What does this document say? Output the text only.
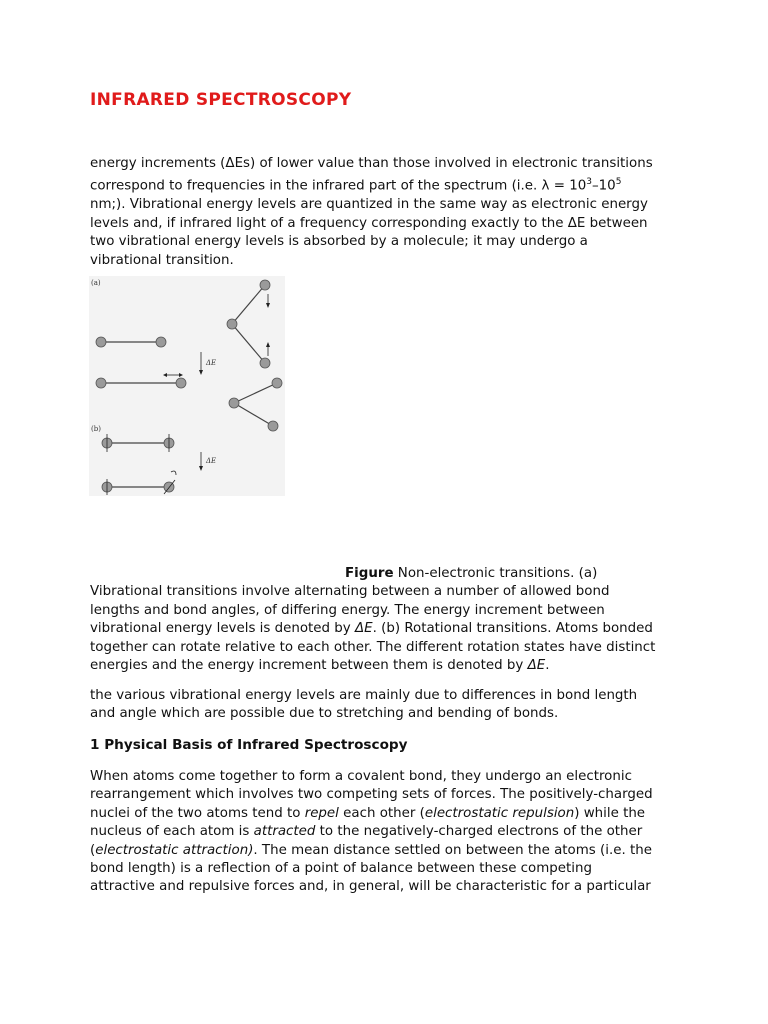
INFRARED SPECTROSCOPY

energy increments (ΔEs) of lower value than those involved in electronic transitions
correspond to frequencies in the infrared part of the spectrum (i.e. $\lambda = 10^3-10^5$
nm;). Vibrational energy levels are quantized in the same way as electronic energy
levels and, if infrared light of a frequency corresponding exactly to the ΔE between
two vibrational energy levels is absorbed by a molecule; it may undergo a
vibrational transition.

(a)
(b)
ΔE
ΔE

Figure Non-electronic transitions. (a)
Vibrational transitions involve alternating between a number of allowed bond
lengths and bond angles, of differing energy. The energy increment between
vibrational energy levels is denoted by ΔE. (b) Rotational transitions. Atoms bonded
together can rotate relative to each other. The different rotation states have distinct
energies and the energy increment between them is denoted by ΔE.

the various vibrational energy levels are mainly due to differences in bond length
and angle which are possible due to stretching and bending of bonds.

1 Physical Basis of Infrared Spectroscopy

When atoms come together to form a covalent bond, they undergo an electronic
rearrangement which involves two competing sets of forces. The positively-charged
nuclei of the two atoms tend to repel each other (electrostatic repulsion) while the
nucleus of each atom is attracted to the negatively-charged electrons of the other
(electrostatic attraction). The mean distance settled on between the atoms (i.e. the
bond length) is a reflection of a point of balance between these competing
attractive and repulsive forces and, in general, will be characteristic for a particular
